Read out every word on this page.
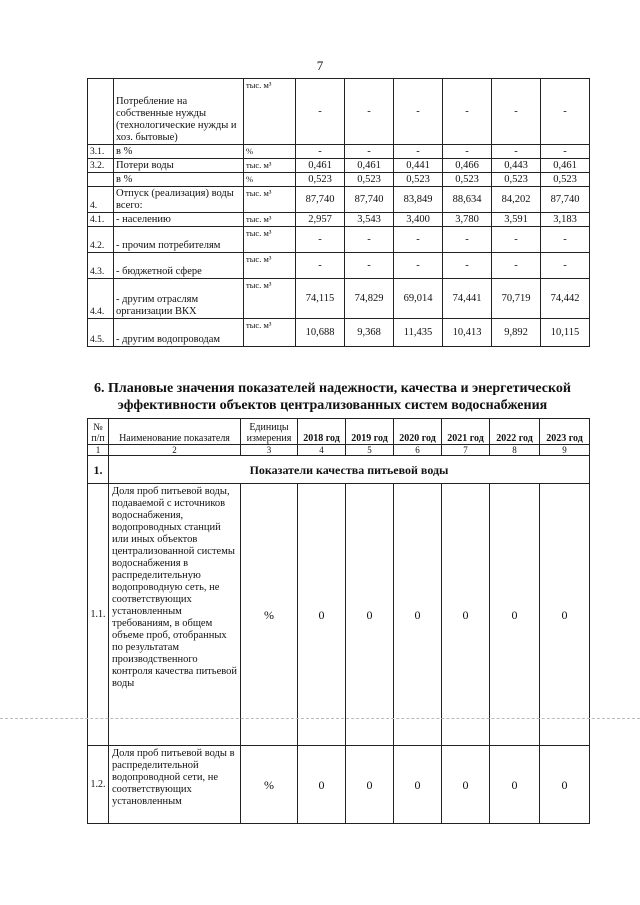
7
	Потребление на собственные нужды (технологические нужды и хоз. бытовые)	тыс. м³	-	-	-	-	-	-
3.1.	в %	%	-	-	-	-	-	-
3.2.	Потери воды	тыс. м³	0,461	0,461	0,441	0,466	0,443	0,461
	в %	%	0,523	0,523	0,523	0,523	0,523	0,523
4.	Отпуск (реализация) воды всего:	тыс. м³	87,740	87,740	83,849	88,634	84,202	87,740
4.1.	- населению	тыс. м³	2,957	3,543	3,400	3,780	3,591	3,183
4.2.	- прочим потребителям	тыс. м³	-	-	-	-	-	-
4.3.	- бюджетной сфере	тыс. м³	-	-	-	-	-	-
4.4.	- другим отраслям организации ВКХ	тыс. м³	74,115	74,829	69,014	74,441	70,719	74,442
4.5.	- другим водопроводам	тыс. м³	10,688	9,368	11,435	10,413	9,892	10,115
6. Плановые значения показателей надежности, качества и энергетической эффективности объектов централизованных систем водоснабжения
№ п/п	Наименование показателя	Единицы измерения	2018 год	2019 год	2020 год	2021 год	2022 год	2023 год
1	2	3	4	5	6	7	8	9
1.	Показатели качества питьевой воды							
1.1.	Доля проб питьевой воды, подаваемой с источников водоснабжения, водопроводных станций или иных объектов централизованной системы водоснабжения в распределительную водопроводную сеть, не соответствующих установленным требованиям, в общем объеме проб, отобранных по результатам производственного контроля качества питьевой воды	%	0	0	0	0	0	0
1.2.	Доля проб питьевой воды в распределительной водопроводной сети, не соответствующих установленным	%	0	0	0	0	0	0
